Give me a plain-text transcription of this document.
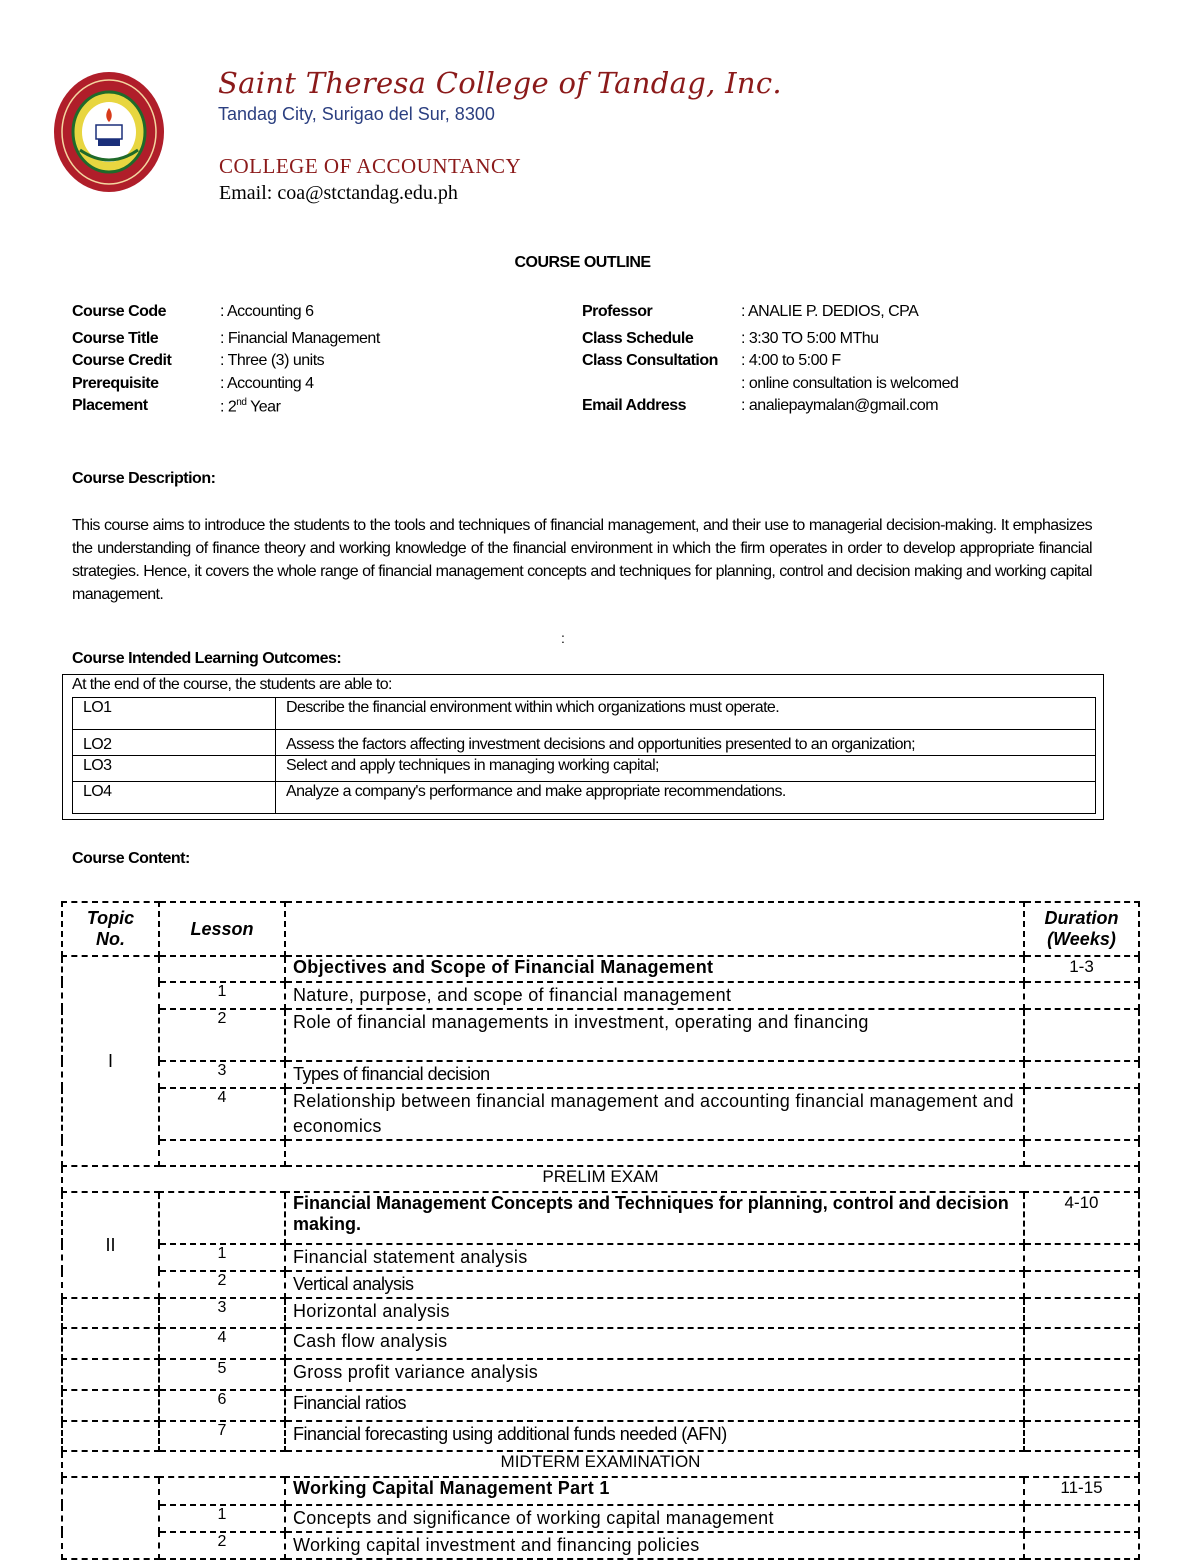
Saint Theresa College of Tandag, Inc.
Tandag City, Surigao del Sur, 8300
COLLEGE OF ACCOUNTANCY
Email: coa@stctandag.edu.ph
COURSE OUTLINE
Course Code	: Accounting 6
Course Title	: Financial Management
Course Credit	: Three (3) units
Prerequisite	: Accounting 4
Placement	: 2nd Year
Professor	: ANALIE P. DEDIOS, CPA
Class Schedule	: 3:30 TO 5:00 MThu
Class Consultation : 4:00 to 5:00 F
: online consultation is welcomed
Email Address	: analiepaymalan@gmail.com
Course Description:
This course aims to introduce the students to the tools and techniques of financial management, and their use to managerial decision-making. It emphasizes the understanding of finance theory and working knowledge of the financial environment in which the firm operates in order to develop appropriate financial strategies. Hence, it covers the whole range of financial management concepts and techniques for planning, control and decision making and working capital management.
:
Course Intended Learning Outcomes:
At the end of the course, the students are able to:
LO1	Describe the financial environment within which organizations must operate.
LO2	Assess the factors affecting investment decisions and opportunities presented to an organization;
LO3	Select and apply techniques in managing working capital;
LO4	Analyze a company's performance and make appropriate recommendations.
Course Content:
Topic
No.	Lesson		Duration
(Weeks)
I		Objectives and Scope of Financial Management	1-3
	1	Nature, purpose, and scope of financial management	
	2	Role of financial managements in investment, operating and financing	
	3	Types of financial decision	
	4	Relationship between financial management and accounting financial management and economics	

PRELIM EXAM			
II		Financial Management Concepts and Techniques for planning, control and decision making.	4-10
	1	Financial statement analysis	
	2	Vertical analysis	
	3	Horizontal analysis	
	4	Cash flow analysis	
	5	Gross profit variance analysis	
	6	Financial ratios	
	7	Financial forecasting using additional funds needed (AFN)	
MIDTERM EXAMINATION			
		Working Capital Management Part 1	11-15
	1	Concepts and significance of working capital management	
	2	Working capital investment and financing policies	
